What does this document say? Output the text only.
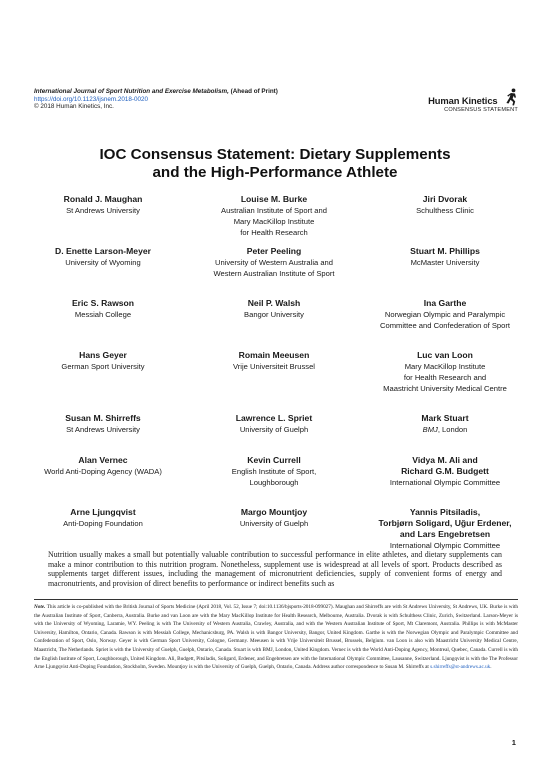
International Journal of Sport Nutrition and Exercise Metabolism, (Ahead of Print)
https://doi.org/10.1123/ijsnem.2018-0020
© 2018 Human Kinetics, Inc.
Human Kinetics
CONSENSUS STATEMENT
IOC Consensus Statement: Dietary Supplements
and the High-Performance Athlete
Ronald J. Maughan
St Andrews University
Louise M. Burke
Australian Institute of Sport and
Mary MacKillop Institute
for Health Research
Jiri Dvorak
Schulthess Clinic
D. Enette Larson-Meyer
University of Wyoming
Peter Peeling
University of Western Australia and
Western Australian Institute of Sport
Stuart M. Phillips
McMaster University
Eric S. Rawson
Messiah College
Neil P. Walsh
Bangor University
Ina Garthe
Norwegian Olympic and Paralympic
Committee and Confederation of Sport
Hans Geyer
German Sport University
Romain Meeusen
Vrije Universiteit Brussel
Luc van Loon
Mary MacKillop Institute
for Health Research and
Maastricht University Medical Centre
Susan M. Shirreffs
St Andrews University
Lawrence L. Spriet
University of Guelph
Mark Stuart
BMJ, London
Alan Vernec
World Anti-Doping Agency (WADA)
Kevin Currell
English Institute of Sport,
Loughborough
Vidya M. Ali and
Richard G.M. Budgett
International Olympic Committee
Arne Ljungqvist
Anti-Doping Foundation
Margo Mountjoy
University of Guelph
Yannis Pitsiladis,
Torbjørn Soligard, Uğur Erdener,
and Lars Engebretsen
International Olympic Committee

Nutrition usually makes a small but potentially valuable contribution to successful performance in elite athletes, and dietary supplements can make a minor contribution to this nutrition program. Nonetheless, supplement use is widespread at all levels of sport. Products described as supplements target different issues, including the management of micronutrient deficiencies, supply of convenient forms of energy and macronutrients, and provision of direct benefits to performance or indirect benefits such as

Note. This article is co-published with the British Journal of Sports Medicine (April 2018, Vol. 52, Issue 7; doi:10.1136/bjsports-2018-099027). Maughan and Shirreffs are with St Andrews University, St Andrews, UK. Burke is with the Australian Institute of Sport, Canberra, Australia. Burke and van Loon are with the Mary MacKillop Institute for Health Research, Melbourne, Australia. Dvorak is with Schulthess Clinic, Zurich, Switzerland. Larson-Meyer is with the University of Wyoming, Laramie, WY. Peeling is with The University of Western Australia, Crawley, Australia, and with the Western Australian Institute of Sport, Mt Claremont, Australia. Phillips is with McMaster University, Hamilton, Ontario, Canada. Rawson is with Messiah College, Mechanicsburg, PA. Walsh is with Bangor University, Bangor, United Kingdom. Garthe is with the Norwegian Olympic and Paralympic Committee and Confederation of Sport, Oslo, Norway. Geyer is with German Sport University, Cologne, Germany. Meeusen is with Vrije Universiteit Brussel, Brussels, Belgium. van Loon is also with Maastricht University Medical Centre, Maastricht, The Netherlands. Spriet is with the University of Guelph, Guelph, Ontario, Canada. Stuart is with BMJ, London, United Kingdom. Vernec is with the World Anti-Doping Agency, Montreal, Quebec, Canada. Currell is with the English Institute of Sport, Loughborough, United Kingdom. Ali, Budgett, Pitsiladis, Soligard, Erdener, and Engebretsen are with the International Olympic Committee, Lausanne, Switzerland. Ljungqvist is with the The Professor Arne Ljungqvist Anti-Doping Foundation, Stockholm, Sweden. Mountjoy is with the University of Guelph, Guelph, Ontario, Canada. Address author correspondence to Susan M. Shirreffs at s.shirreffs@st-andrews.ac.uk.
1
